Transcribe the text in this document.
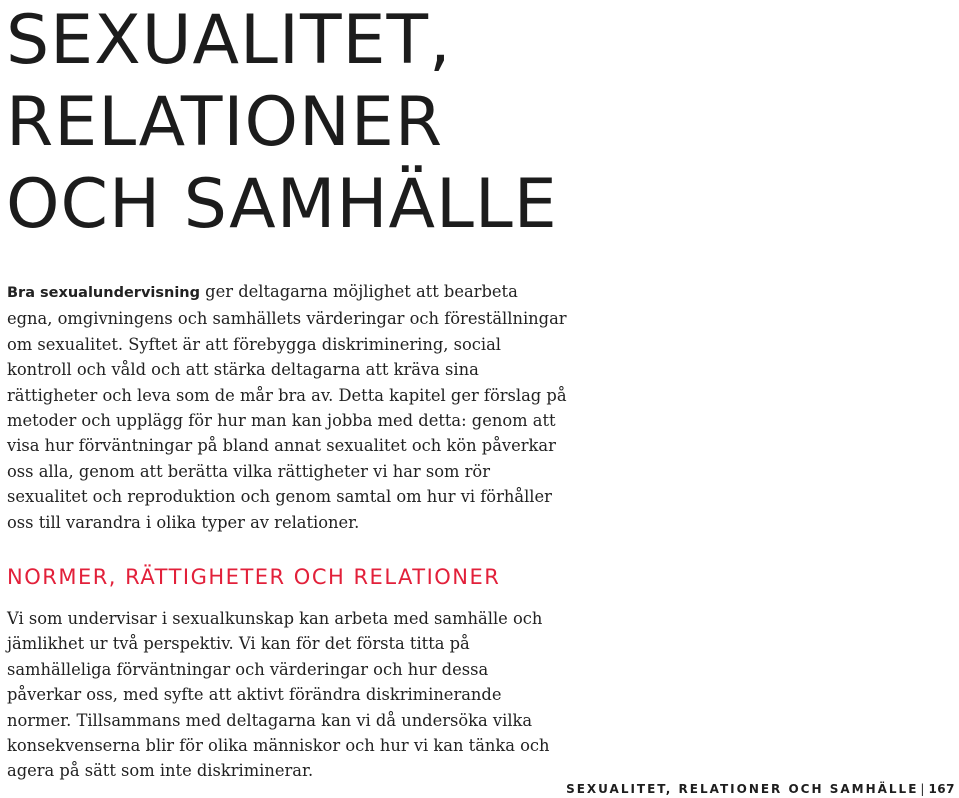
SEXUALITET,
RELATIONER
OCH SAMHÄLLE

Bra sexualundervisning ger deltagarna möjlighet att bearbeta egna, omgivningens och samhällets värderingar och föreställningar om sexualitet. Syftet är att förebygga diskriminering, social kontroll och våld och att stärka deltagarna att kräva sina rättigheter och leva som de mår bra av. Detta kapitel ger förslag på metoder och upplägg för hur man kan jobba med detta: genom att visa hur förväntningar på bland annat sexualitet och kön påverkar oss alla, genom att berätta vilka rättigheter vi har som rör sexualitet och reproduktion och genom samtal om hur vi förhåller oss till varandra i olika typer av relationer.

NORMER, RÄTTIGHETER OCH RELATIONER

Vi som undervisar i sexualkunskap kan arbeta med samhälle och jämlikhet ur två perspektiv. Vi kan för det första titta på samhälleliga förväntningar och värderingar och hur dessa påverkar oss, med syfte att aktivt förändra diskriminerande normer. Tillsammans med deltagarna kan vi då undersöka vilka konsekvenserna blir för olika människor och hur vi kan tänka och agera på sätt som inte diskriminerar.

SEXUALITET, RELATIONER OCH SAMHÄLLE | 167
